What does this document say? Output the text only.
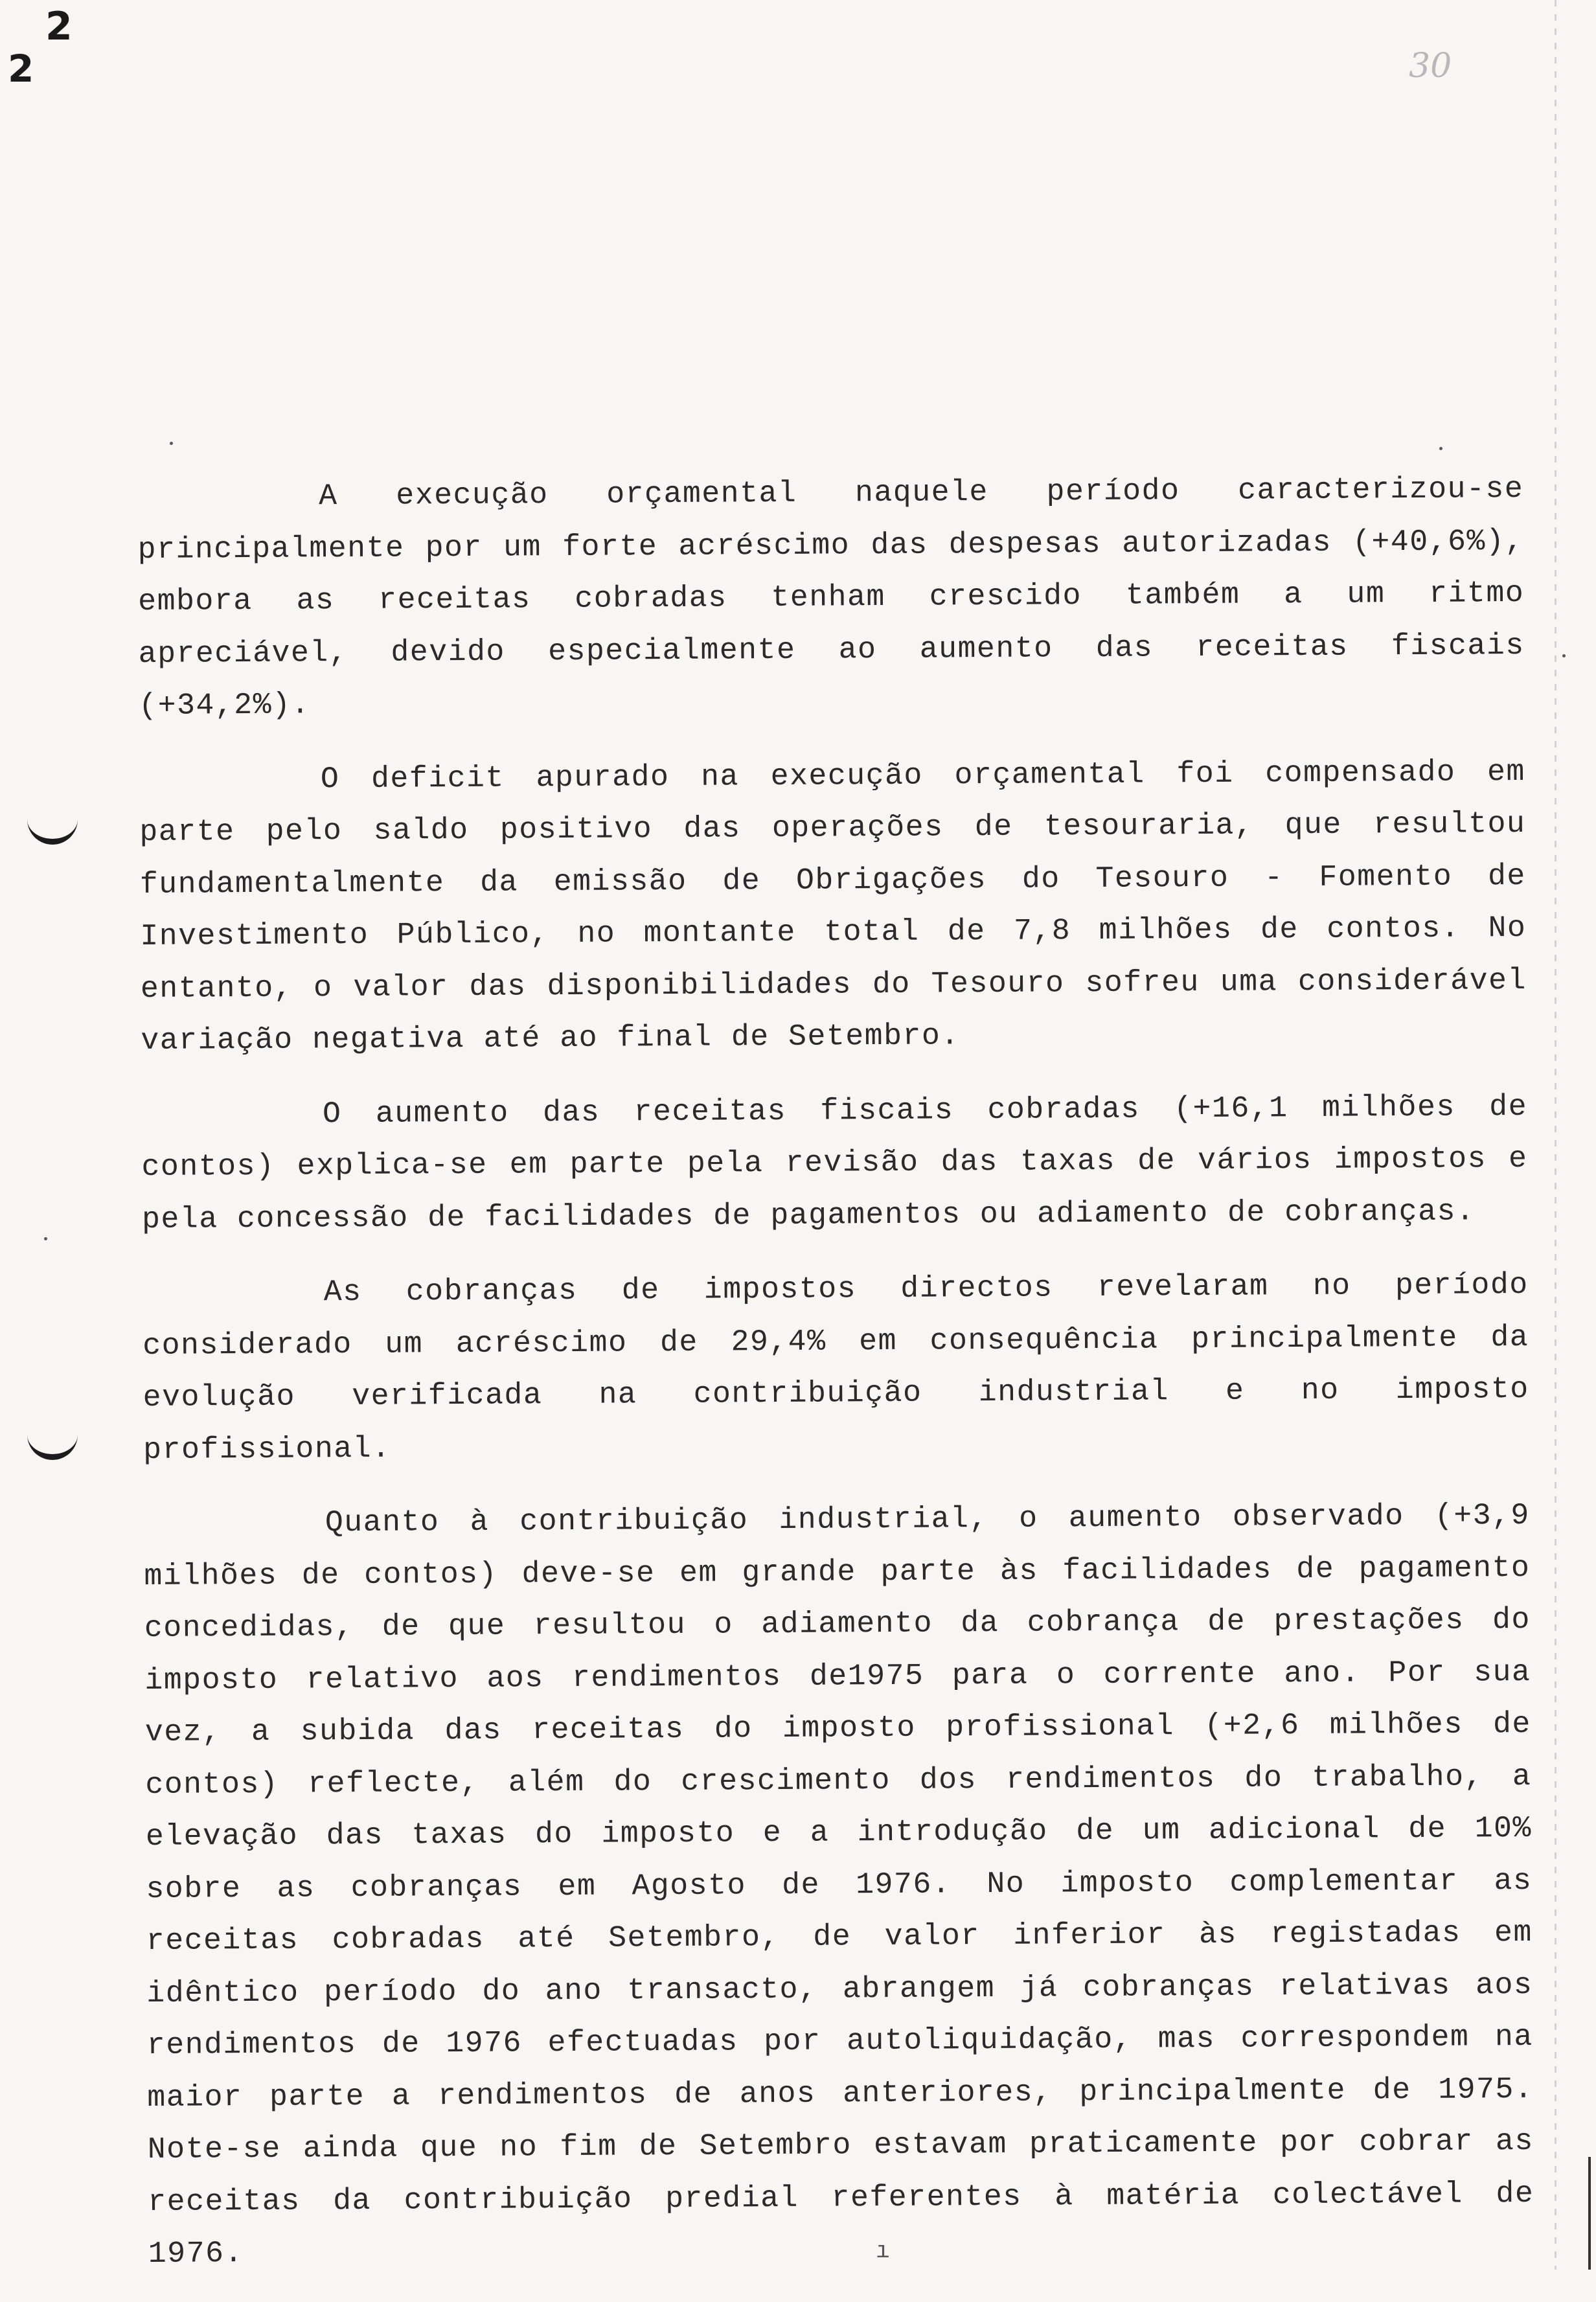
2
2	30

A execução orçamental naquele período caracterizou-se principalmente por um forte acréscimo das despesas autorizadas (+40,6%), embora as receitas cobradas tenham crescido também a um ritmo apreciável, devido especialmente ao aumento das receitas fiscais (+34,2%).

O deficit apurado na execução orçamental foi compensado em parte pelo saldo positivo das operações de tesouraria, que resultou fundamentalmente da emissão de Obrigações do Tesouro - Fomento de Investimento Público, no montante total de 7,8 milhões de contos. No entanto, o valor das disponibilidades do Tesouro sofreu uma considerável variação negativa até ao final de Setembro.

O aumento das receitas fiscais cobradas (+16,1 milhões de contos) explica-se em parte pela revisão das taxas de vários impostos e pela concessão de facilidades de pagamentos ou adiamento de cobranças.

As cobranças de impostos directos revelaram no período considerado um acréscimo de 29,4% em consequência principalmente da evolução verificada na contribuição industrial e no imposto profissional.

Quanto à contribuição industrial, o aumento observado (+3,9 milhões de contos) deve-se em grande parte às facilidades de pagamento concedidas, de que resultou o adiamento da cobrança de prestações do imposto relativo aos rendimentos de1975 para o corrente ano. Por sua vez, a subida das receitas do imposto profissional (+2,6 milhões de contos) reflecte, além do crescimento dos rendimentos do trabalho, a elevação das taxas do imposto e a introdução de um adicional de 10% sobre as cobranças em Agosto de 1976. No imposto complementar as receitas cobradas até Setembro, de valor inferior às registadas em idêntico período do ano transacto, abrangem já cobranças relativas aos rendimentos de 1976 efectuadas por autoliquidação, mas correspondem na maior parte a rendimentos de anos anteriores, principalmente de 1975. Note-se ainda que no fim de Setembro estavam praticamente por cobrar as receitas da contribuição predial referentes à matéria colectável de 1976.	ı
